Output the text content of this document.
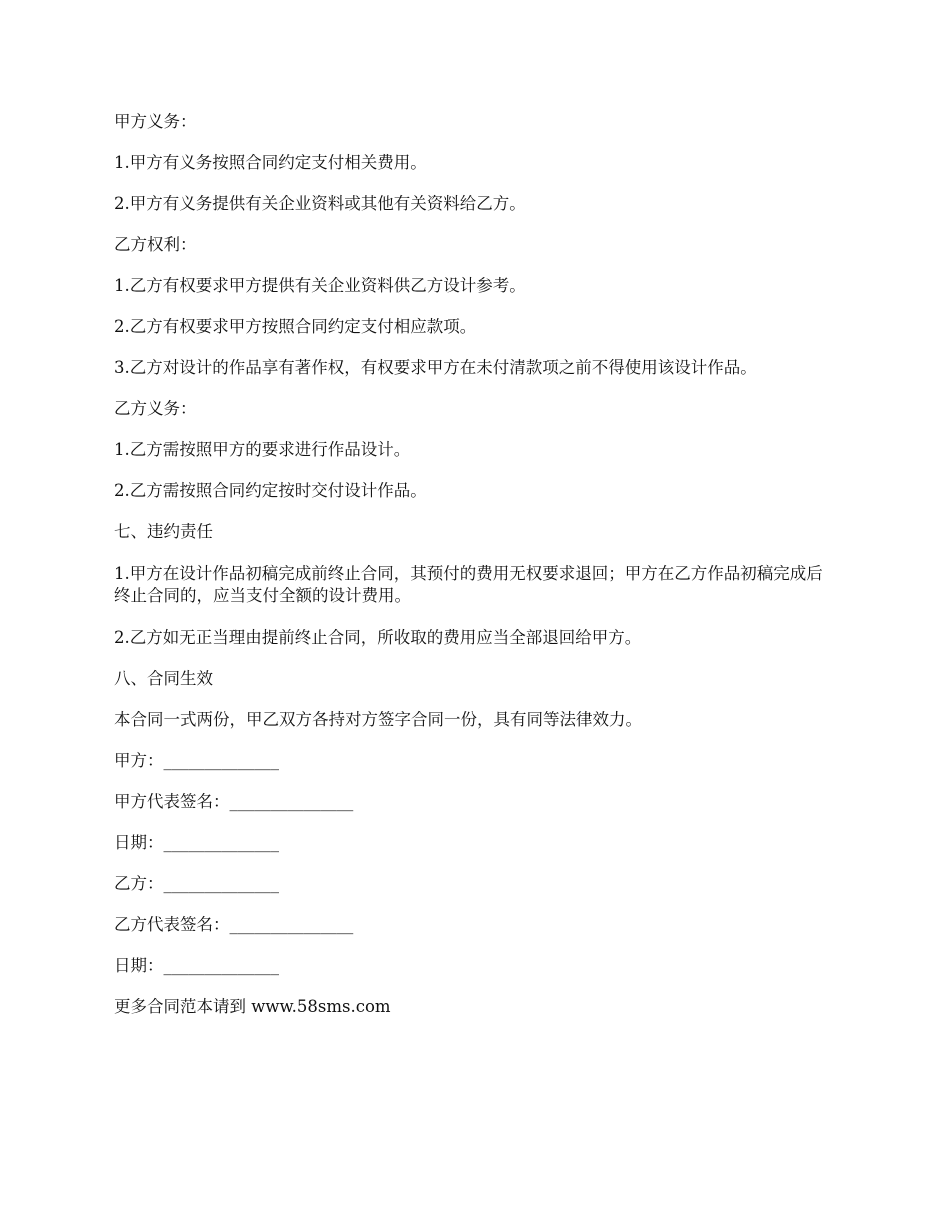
甲方义务：

1.甲方有义务按照合同约定支付相关费用。

2.甲方有义务提供有关企业资料或其他有关资料给乙方。

乙方权利：

1.乙方有权要求甲方提供有关企业资料供乙方设计参考。

2.乙方有权要求甲方按照合同约定支付相应款项。

3.乙方对设计的作品享有著作权，有权要求甲方在未付清款项之前不得使用该设计作品。

乙方义务：

1.乙方需按照甲方的要求进行作品设计。

2.乙方需按照合同约定按时交付设计作品。

七、违约责任

1.甲方在设计作品初稿完成前终止合同，其预付的费用无权要求退回；甲方在乙方作品初稿完成后终止合同的，应当支付全额的设计费用。

2.乙方如无正当理由提前终止合同，所收取的费用应当全部退回给甲方。

八、合同生效

本合同一式两份，甲乙双方各持对方签字合同一份，具有同等法律效力。

甲方：______________

甲方代表签名：_______________

日期：______________

乙方：______________

乙方代表签名：_______________

日期：______________

更多合同范本请到 www.58sms.com
